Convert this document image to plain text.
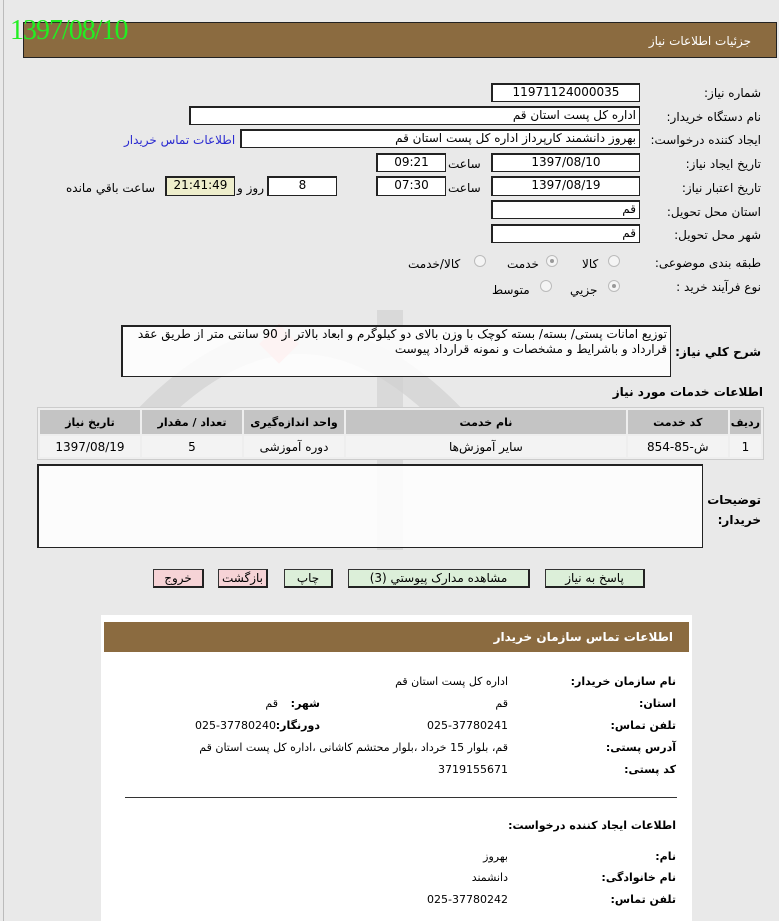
جزئيات اطلاعات نياز
1397/08/10
شماره نياز:
11971124000035
نام دستگاه خريدار:
اداره کل پست استان قم
ايجاد کننده درخواست:
بهروز دانشمند کارپرداز اداره کل پست استان قم
اطلاعات تماس خريدار
تاريخ ايجاد نياز:
1397/08/10
ساعت
09:21
تاريخ اعتبار نياز:
1397/08/19
ساعت
07:30
8
روز و
21:41:49
ساعت باقي مانده
استان محل تحويل:
قم
شهر محل تحويل:
قم
طبقه بندی موضوعی:
کالا
خدمت
کالا/خدمت
نوع فرآيند خريد :
جزيي
متوسط
شرح کلي نياز:
توزيع امانات پستی/ بسته/ بسته کوچک با وزن بالای دو کيلوگرم و ابعاد بالاتر از 90 سانتی متر از طريق عقد قرارداد و باشرايط و مشخصات و نمونه قرارداد پيوست
اطلاعات خدمات مورد نياز
رديف	کد خدمت	نام خدمت	واحد اندازه‌گيری	تعداد / مقدار	تاريخ نياز
1	ش-85-854	ساير آموزش‌ها	دوره آموزشی	5	1397/08/19
توضيحات خريدار:
پاسخ به نياز
مشاهده مدارک پيوستي (3)
چاپ
بازگشت
خروج
اطلاعات تماس سازمان خريدار
نام سازمان خريدار:
اداره کل پست استان قم
استان:
قم
شهر:
قم
تلفن تماس:
025-37780241
دورنگار:
025-37780240
آدرس پستی:
قم، بلوار 15 خرداد ،بلوار محتشم کاشانی ،اداره کل پست استان قم
کد پستی:
3719155671
اطلاعات ايجاد کننده درخواست:
نام:
بهروز
نام خانوادگی:
دانشمند
تلفن تماس:
025-37780242
